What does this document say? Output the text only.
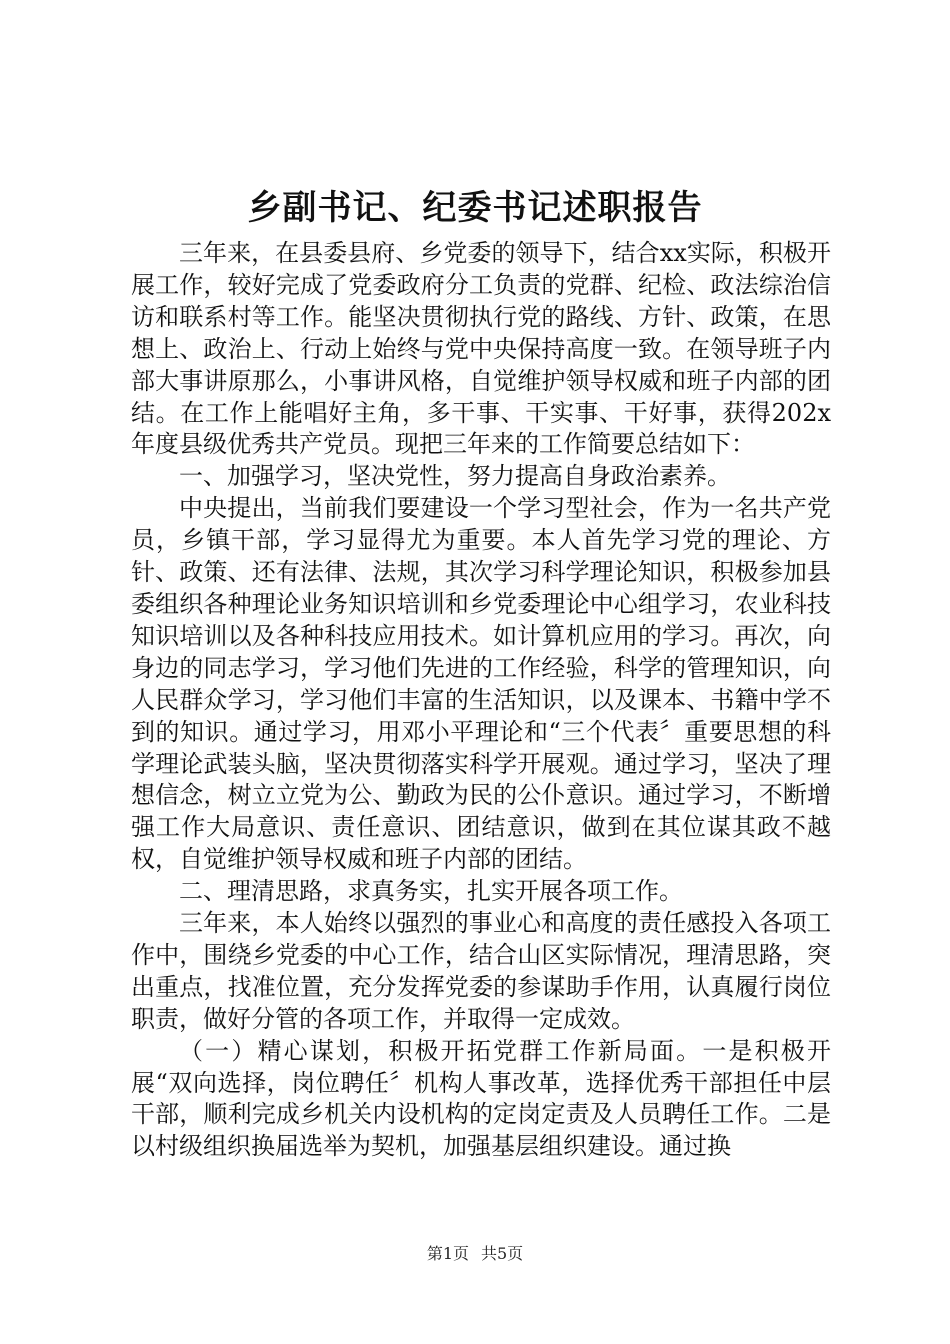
乡副书记、纪委书记述职报告

三年来，在县委县府、乡党委的领导下，结合xx实际，积极开展工作，较好完成了党委政府分工负责的党群、纪检、政法综治信访和联系村等工作。能坚决贯彻执行党的路线、方针、政策，在思想上、政治上、行动上始终与党中央保持高度一致。在领导班子内部大事讲原那么，小事讲风格，自觉维护领导权威和班子内部的团结。在工作上能唱好主角，多干事、干实事、干好事，获得202x年度县级优秀共产党员。现把三年来的工作简要总结如下：

一、加强学习，坚决党性，努力提高自身政治素养。

中央提出，当前我们要建设一个学习型社会，作为一名共产党员，乡镇干部，学习显得尤为重要。本人首先学习党的理论、方针、政策、还有法律、法规，其次学习科学理论知识，积极参加县委组织各种理论业务知识培训和乡党委理论中心组学习，农业科技知识培训以及各种科技应用技术。如计算机应用的学习。再次，向身边的同志学习，学习他们先进的工作经验，科学的管理知识，向人民群众学习，学习他们丰富的生活知识，以及课本、书籍中学不到的知识。通过学习，用邓小平理论和“三个代表〞重要思想的科学理论武装头脑，坚决贯彻落实科学开展观。通过学习，坚决了理想信念，树立立党为公、勤政为民的公仆意识。通过学习，不断增强工作大局意识、责任意识、团结意识，做到在其位谋其政不越权，自觉维护领导权威和班子内部的团结。

二、理清思路，求真务实，扎实开展各项工作。

三年来，本人始终以强烈的事业心和高度的责任感投入各项工作中，围绕乡党委的中心工作，结合山区实际情况，理清思路，突出重点，找准位置，充分发挥党委的参谋助手作用，认真履行岗位职责，做好分管的各项工作，并取得一定成效。

（一）精心谋划，积极开拓党群工作新局面。一是积极开展“双向选择，岗位聘任〞机构人事改革，选择优秀干部担任中层干部，顺利完成乡机关内设机构的定岗定责及人员聘任工作。二是以村级组织换届选举为契机，加强基层组织建设。通过换

第1页 共5页
